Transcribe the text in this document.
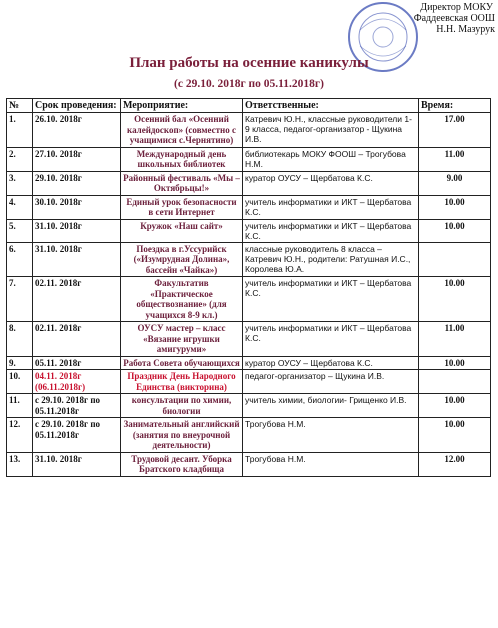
Директор МОКУ
Фаддеевская ООШ
Н.Н. Мазурук
План работы на осенние каникулы
(с 29.10. 2018г по 05.11.2018г)
№	Срок проведения:	Мероприятие:	Ответственные:	Время:
1.	26.10. 2018г	Осенний бал «Осенний калейдоскоп» (совместно с учащимися с.Чернятино)	Катревич Ю.Н., классные руководители 1- 9 класса, педагог-организатор - Щукина И.В.	17.00
2.	27.10. 2018г	Международный день школьных библиотек	библиотекарь МОКУ ФООШ – Трогубова Н.М.	11.00
3.	29.10. 2018г	Районный фестиваль «Мы – Октябрьцы!»	куратор ОУСУ – Щербатова К.С.	9.00
4.	30.10. 2018г	Единый урок безопасности в сети Интернет	учитель информатики и ИКТ – Щербатова К.С.	10.00
5.	31.10. 2018г	Кружок «Наш сайт»	учитель информатики и ИКТ – Щербатова К.С.	10.00
6.	31.10. 2018г	Поездка в г.Уссурийск («Изумрудная Долина», бассейн «Чайка»)	классные руководитель 8 класса – Катревич Ю.Н., родители: Ратушная И.С., Королева Ю.А.	
7.	02.11. 2018г	Факультатив «Практическое обществознание» (для учащихся 8-9 кл.)	учитель информатики и ИКТ – Щербатова К.С.	10.00
8.	02.11. 2018г	ОУСУ мастер – класс «Вязание игрушки амигуруми»	учитель информатики и ИКТ – Щербатова К.С.	11.00
9.	05.11. 2018г	Работа Совета обучающихся	куратор ОУСУ – Щербатова К.С.	10.00
10.	04.11. 2018г (06.11.2018г)	Праздник День Народного Единства (викторина)	педагог-организатор – Щукина И.В.	
11.	с 29.10. 2018г по 05.11.2018г	консультации по химии, биологии	учитель химии, биологии- Грищенко И.В.	10.00
12.	с 29.10. 2018г по 05.11.2018г	Занимательный английский (занятия по внеурочной деятельности)	Трогубова Н.М.	10.00
13.	31.10. 2018г	Трудовой десант. Уборка Братского кладбища	Трогубова Н.М.	12.00
